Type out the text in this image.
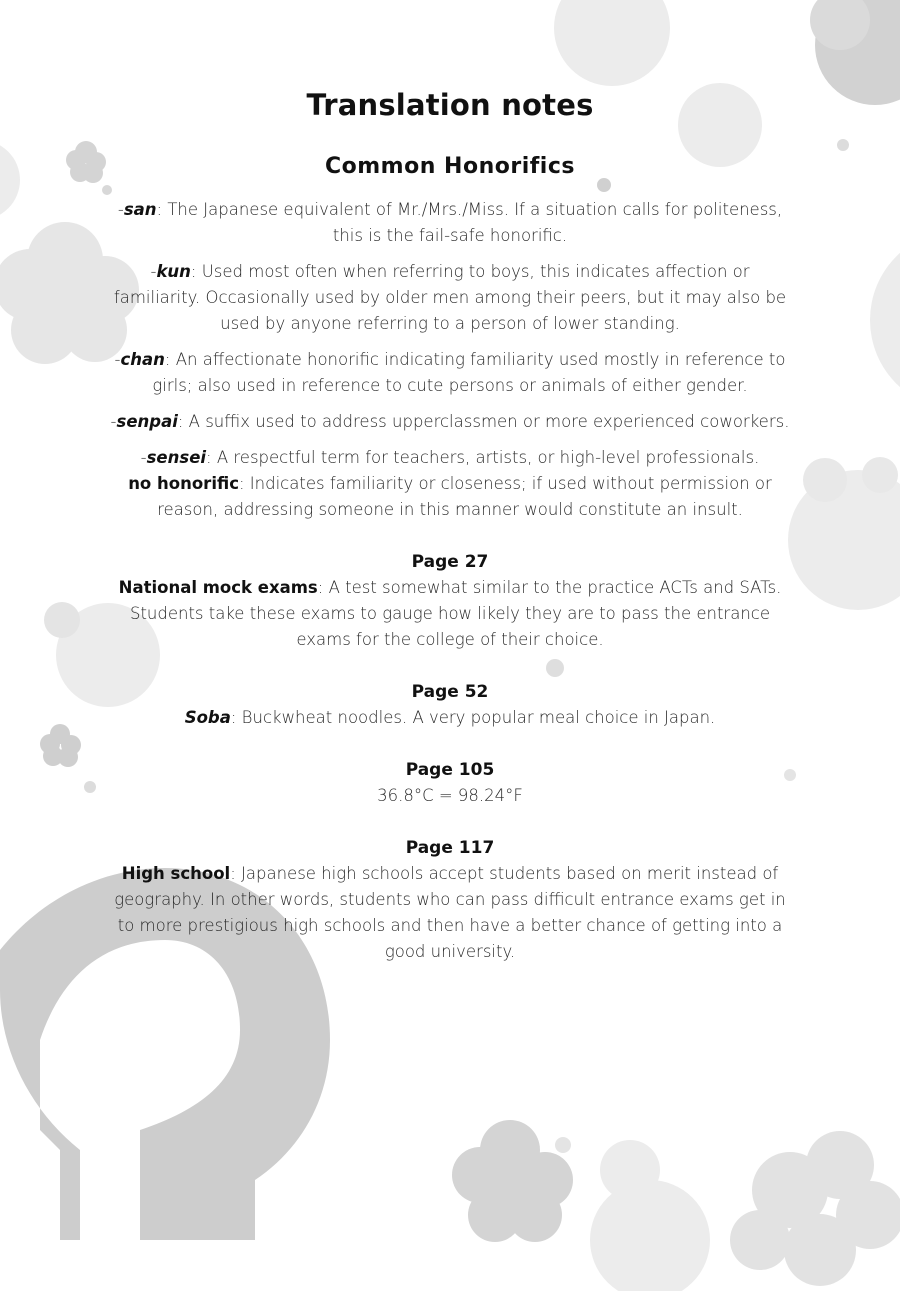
Translation notes
Common Honorifics
-san: The Japanese equivalent of Mr./Mrs./Miss. If a situation calls for politeness, this is the fail-safe honorific.
-kun: Used most often when referring to boys, this indicates affection or familiarity. Occasionally used by older men among their peers, but it may also be used by anyone referring to a person of lower standing.
-chan: An affectionate honorific indicating familiarity used mostly in reference to girls; also used in reference to cute persons or animals of either gender.
-senpai: A suffix used to address upperclassmen or more experienced coworkers.
-sensei: A respectful term for teachers, artists, or high-level professionals.
no honorific: Indicates familiarity or closeness; if used without permission or reason, addressing someone in this manner would constitute an insult.
Page 27
National mock exams: A test somewhat similar to the practice ACTs and SATs. Students take these exams to gauge how likely they are to pass the entrance exams for the college of their choice.
Page 52
Soba: Buckwheat noodles. A very popular meal choice in Japan.
Page 105
36.8°C = 98.24°F
Page 117
High school: Japanese high schools accept students based on merit instead of geography. In other words, students who can pass difficult entrance exams get in to more prestigious high schools and then have a better chance of getting into a good university.
